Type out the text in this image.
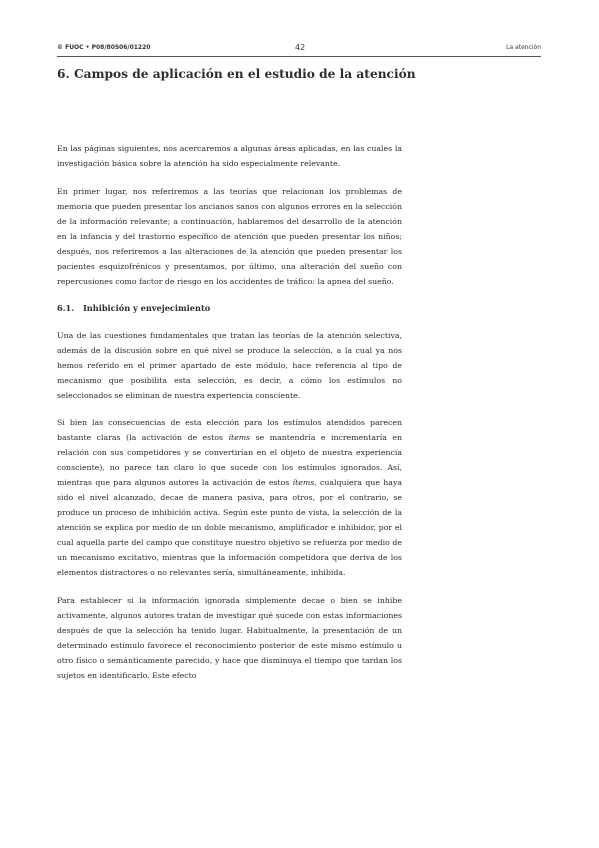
© FUOC • P08/80506/01220	42	La atención
6. Campos de aplicación en el estudio de la atención

En las páginas siguientes, nos acercaremos a algunas áreas aplicadas, en las cuales la investigación básica sobre la atención ha sido especialmente relevante.

En primer lugar, nos referiremos a las teorías que relacionan los problemas de memoria que pueden presentar los ancianos sanos con algunos errores en la selección de la información relevante; a continuación, hablaremos del desarrollo de la atención en la infancia y del trastorno específico de atención que pueden presentar los niños; después, nos referiremos a las alteraciones de la atención que pueden presentar los pacientes esquizofrénicos y presentamos, por último, una alteración del sueño con repercusiones como factor de riesgo en los accidentes de tráfico: la apnea del sueño.

6.1. Inhibición y envejecimiento

Una de las cuestiones fundamentales que tratan las teorías de la atención selectiva, además de la discusión sobre en qué nivel se produce la selección, a la cual ya nos hemos referido en el primer apartado de este módulo, hace referencia al tipo de mecanismo que posibilita esta selección, es decir, a cómo los estímulos no seleccionados se eliminan de nuestra experiencia consciente.

Si bien las consecuencias de esta elección para los estímulos atendidos parecen bastante claras (la activación de estos ítems se mantendría e incrementaría en relación con sus competidores y se convertirían en el objeto de nuestra experiencia consciente), no parece tan claro lo que sucede con los estímulos ignorados. Así, mientras que para algunos autores la activación de estos ítems, cualquiera que haya sido el nivel alcanzado, decae de manera pasiva, para otros, por el contrario, se produce un proceso de inhibición activa. Según este punto de vista, la selección de la atención se explica por medio de un doble mecanismo, amplificador e inhibidor, por el cual aquella parte del campo que constituye nuestro objetivo se refuerza por medio de un mecanismo excitativo, mientras que la información competidora que deriva de los elementos distractores o no relevantes sería, simultáneamente, inhibida.

Para establecer si la información ignorada simplemente decae o bien se inhibe activamente, algunos autores tratan de investigar qué sucede con estas informaciones después de que la selección ha tenido lugar. Habitualmente, la presentación de un determinado estímulo favorece el reconocimiento posterior de este mismo estímulo u otro físico o semánticamente parecido, y hace que disminuya el tiempo que tardan los sujetos en identificarlo. Este efecto
